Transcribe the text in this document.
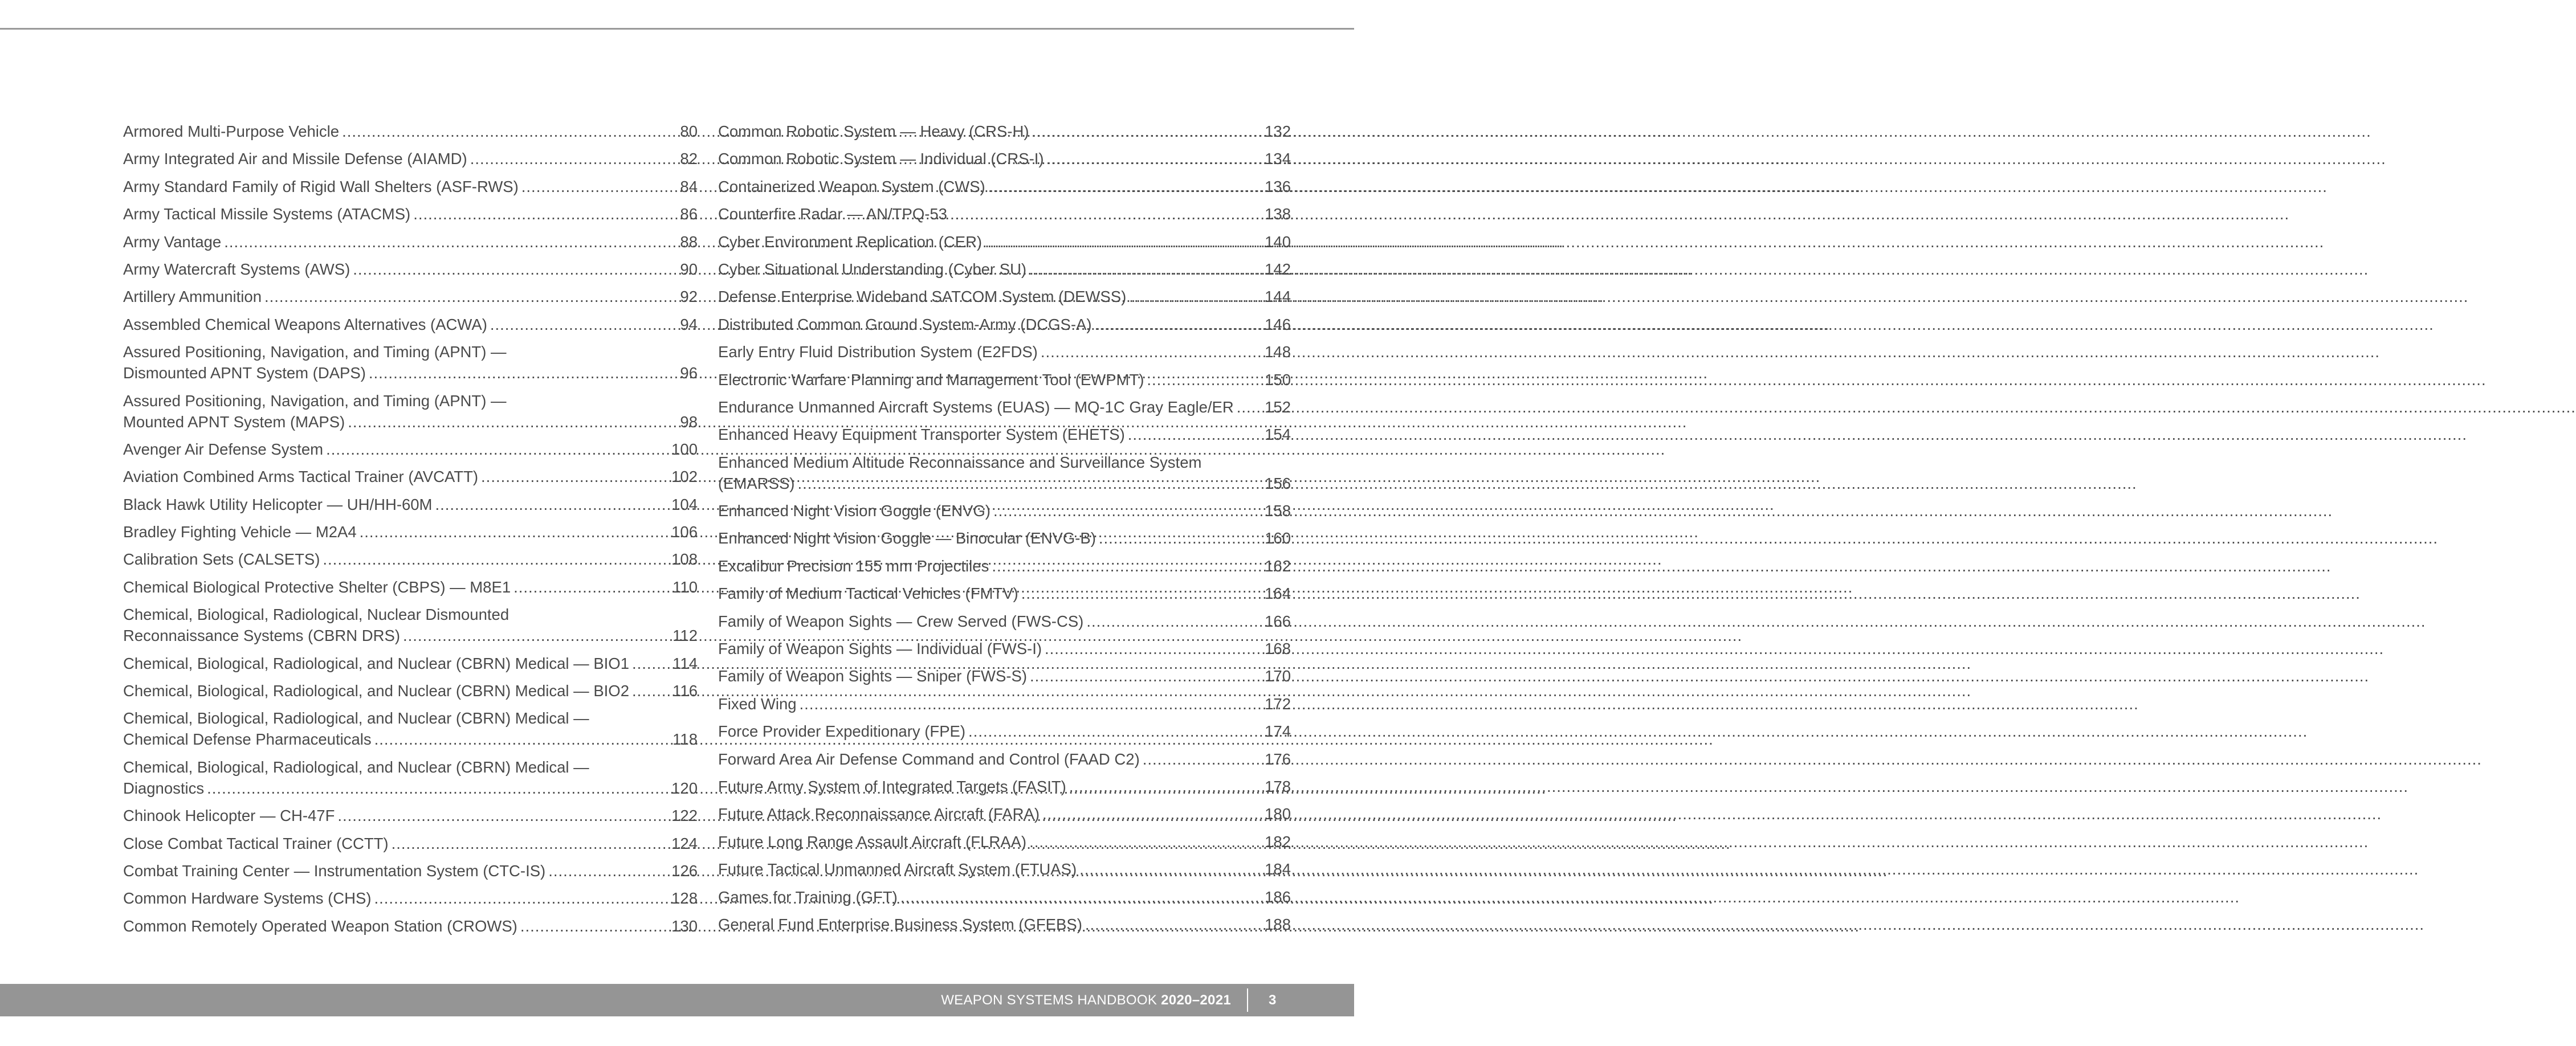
Armored Multi-Purpose Vehicle .....	80
Army Integrated Air and Missile Defense (AIAMD) .....	82
Army Standard Family of Rigid Wall Shelters (ASF-RWS) .....	84
Army Tactical Missile Systems (ATACMS) .....	86
Army Vantage .....	88
Army Watercraft Systems (AWS) .....	90
Artillery Ammunition .....	92
Assembled Chemical Weapons Alternatives (ACWA) .....	94
Assured Positioning, Navigation, and Timing (APNT) —
Dismounted APNT System (DAPS) .....	96
Assured Positioning, Navigation, and Timing (APNT) —
Mounted APNT System (MAPS) .....	98
Avenger Air Defense System .....	100
Aviation Combined Arms Tactical Trainer (AVCATT) .....	102
Black Hawk Utility Helicopter — UH/HH-60M .....	104
Bradley Fighting Vehicle — M2A4 .....	106
Calibration Sets (CALSETS) .....	108
Chemical Biological Protective Shelter (CBPS) — M8E1 .....	110
Chemical, Biological, Radiological, Nuclear Dismounted
Reconnaissance Systems (CBRN DRS) .....	112
Chemical, Biological, Radiological, and Nuclear (CBRN) Medical — BIO1 .....	114
Chemical, Biological, Radiological, and Nuclear (CBRN) Medical — BIO2 .....	116
Chemical, Biological, Radiological, and Nuclear (CBRN) Medical —
Chemical Defense Pharmaceuticals .....	118
Chemical, Biological, Radiological, and Nuclear (CBRN) Medical —
Diagnostics .....	120
Chinook Helicopter — CH-47F .....	122
Close Combat Tactical Trainer (CCTT) .....	124
Combat Training Center — Instrumentation System (CTC-IS) .....	126
Common Hardware Systems (CHS) .....	128
Common Remotely Operated Weapon Station (CROWS) .....	130
Common Robotic System — Heavy (CRS-H) .....	132
Common Robotic System — Individual (CRS-I) .....	134
Containerized Weapon System (CWS) .....	136
Counterfire Radar — AN/TPQ-53 .....	138
Cyber Environment Replication (CER) .....	140
Cyber Situational Understanding (Cyber SU) .....	142
Defense Enterprise Wideband SATCOM System (DEWSS) .....	144
Distributed Common Ground System-Army (DCGS-A) .....	146
Early Entry Fluid Distribution System (E2FDS) .....	148
Electronic Warfare Planning and Management Tool (EWPMT) .....	150
Endurance Unmanned Aircraft Systems (EUAS) — MQ-1C Gray Eagle/ER ..... 152
Enhanced Heavy Equipment Transporter System (EHETS) .....	154
Enhanced Medium Altitude Reconnaissance and Surveillance System
(EMARSS) .....	156
Enhanced Night Vision Goggle (ENVG) .....	158
Enhanced Night Vision Goggle — Binocular (ENVG-B) .....	160
Excalibur Precision 155 mm Projectiles .....	162
Family of Medium Tactical Vehicles (FMTV) .....	164
Family of Weapon Sights — Crew Served (FWS-CS) .....	166
Family of Weapon Sights — Individual (FWS-I) .....	168
Family of Weapon Sights — Sniper (FWS-S) .....	170
Fixed Wing .....	172
Force Provider Expeditionary (FPE) .....	174
Forward Area Air Defense Command and Control (FAAD C2) .....	176
Future Army System of Integrated Targets (FASIT) .....	178
Future Attack Reconnaissance Aircraft (FARA) .....	180
Future Long Range Assault Aircraft (FLRAA) .....	182
Future Tactical Unmanned Aircraft System (FTUAS) .....	184
Games for Training (GFT) .....	186
General Fund Enterprise Business System (GFEBS) .....	188
WEAPON SYSTEMS HANDBOOK 2020–2021	3
